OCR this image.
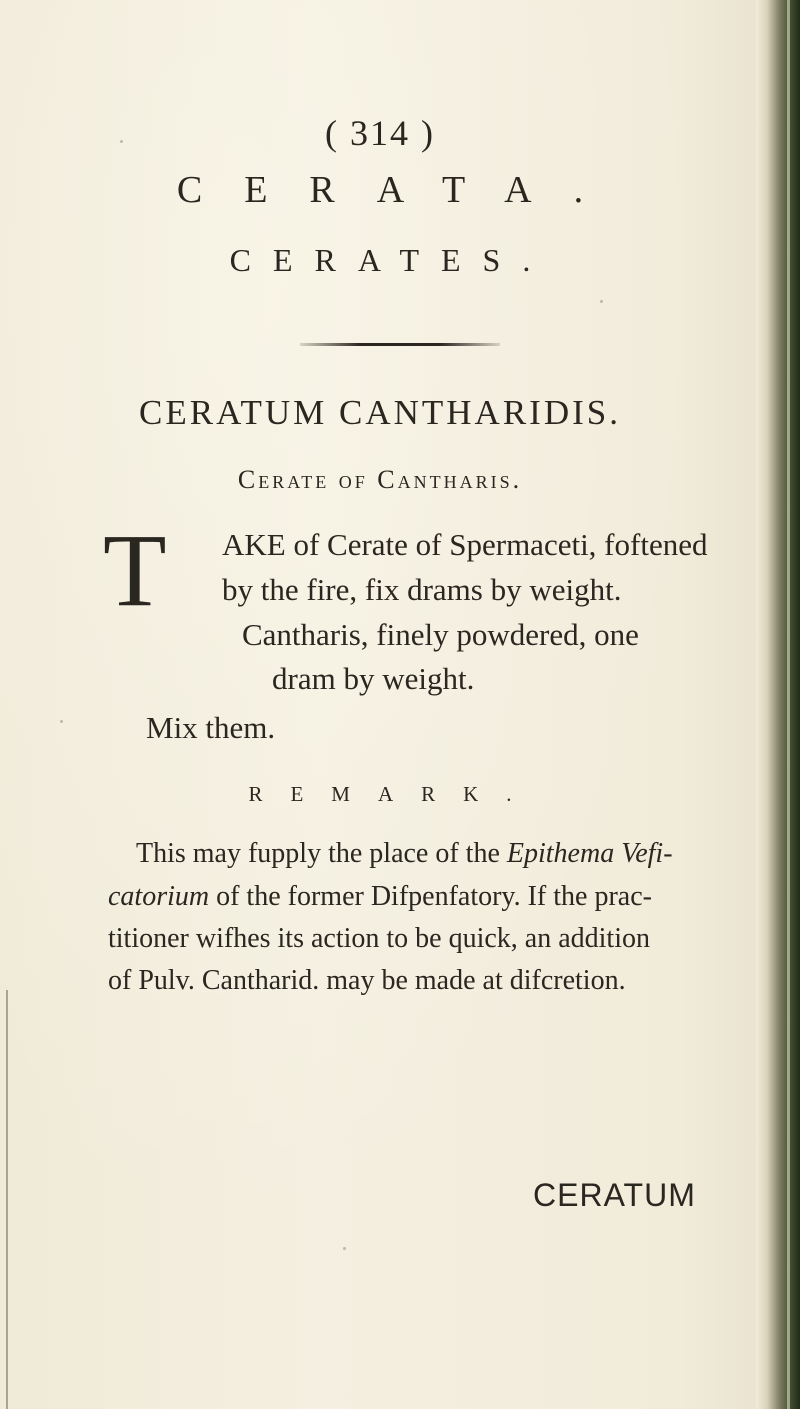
( 314 )
CERATA.
CERATES.
CERATUM CANTHARIDIS.
Cerate of Cantharis.
T AKE of Cerate of Spermaceti, foftened
by the fire, fix drams by weight.
Cantharis, finely powdered, one
dram by weight.
Mix them.
REMARK.
This may fupply the place of the Epithema Vefi-
catorium of the former Difpenfatory. If the prac-
titioner wifhes its action to be quick, an addition
of Pulv. Cantharid. may be made at difcretion.
CERATUM
